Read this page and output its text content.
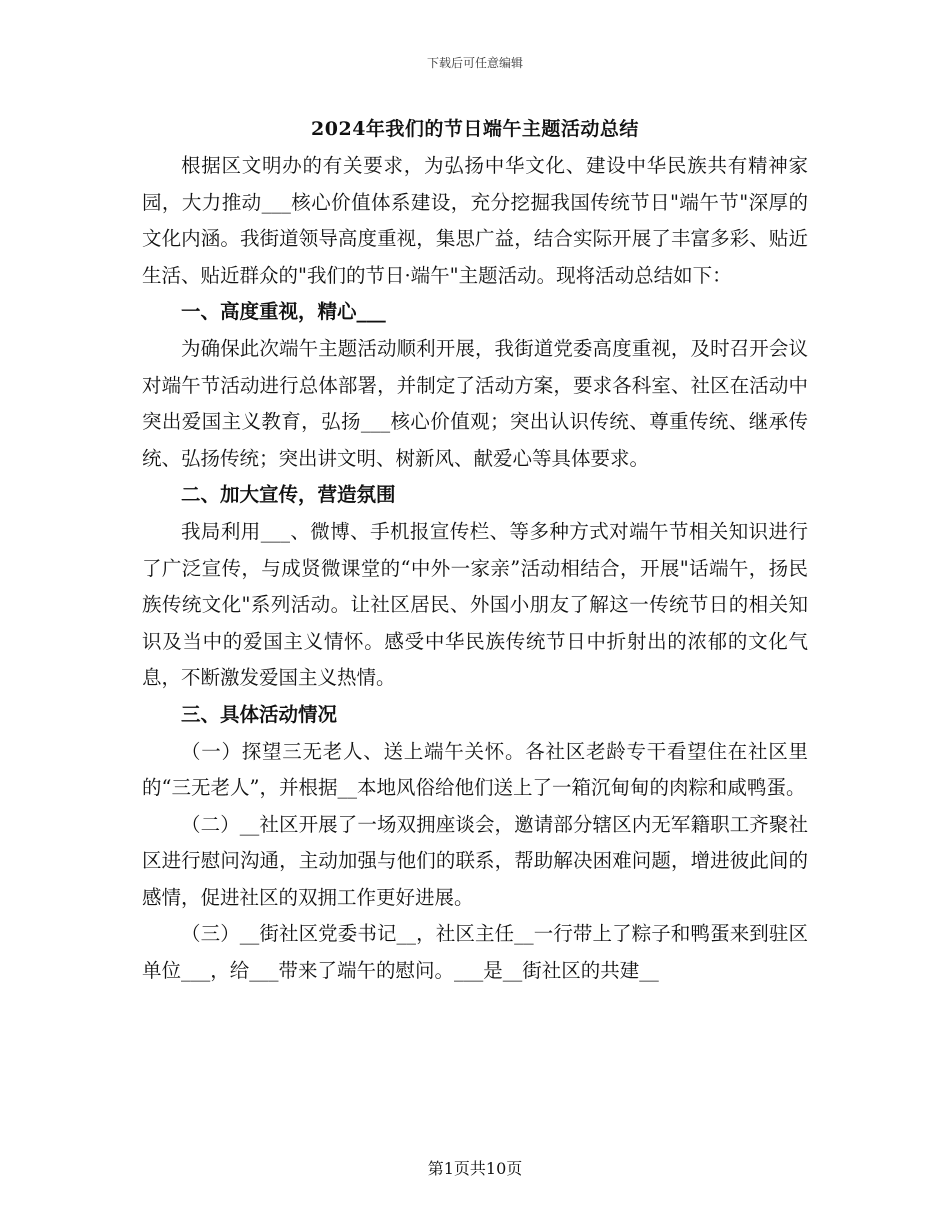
下载后可任意编辑
2024年我们的节日端午主题活动总结

根据区文明办的有关要求，为弘扬中华文化、建设中华民族共有精神家园，大力推动___核心价值体系建设，充分挖掘我国传统节日"端午节"深厚的文化内涵。我街道领导高度重视，集思广益，结合实际开展了丰富多彩、贴近生活、贴近群众的"我们的节日·端午"主题活动。现将活动总结如下：

一、高度重视，精心___

为确保此次端午主题活动顺利开展，我街道党委高度重视，及时召开会议对端午节活动进行总体部署，并制定了活动方案，要求各科室、社区在活动中突出爱国主义教育，弘扬___核心价值观；突出认识传统、尊重传统、继承传统、弘扬传统；突出讲文明、树新风、献爱心等具体要求。

二、加大宣传，营造氛围

我局利用___、微博、手机报宣传栏、等多种方式对端午节相关知识进行了广泛宣传，与成贤微课堂的“中外一家亲”活动相结合，开展"话端午，扬民族传统文化"系列活动。让社区居民、外国小朋友了解这一传统节日的相关知识及当中的爱国主义情怀。感受中华民族传统节日中折射出的浓郁的文化气息，不断激发爱国主义热情。

三、具体活动情况

（一）探望三无老人、送上端午关怀。各社区老龄专干看望住在社区里的“三无老人”，并根据__本地风俗给他们送上了一箱沉甸甸的肉粽和咸鸭蛋。

（二）__社区开展了一场双拥座谈会，邀请部分辖区内无军籍职工齐聚社区进行慰问沟通，主动加强与他们的联系，帮助解决困难问题，增进彼此间的感情，促进社区的双拥工作更好进展。

（三）__街社区党委书记__，社区主任__一行带上了粽子和鸭蛋来到驻区单位___，给___带来了端午的慰问。___是__街社区的共建__

第1页共10页
